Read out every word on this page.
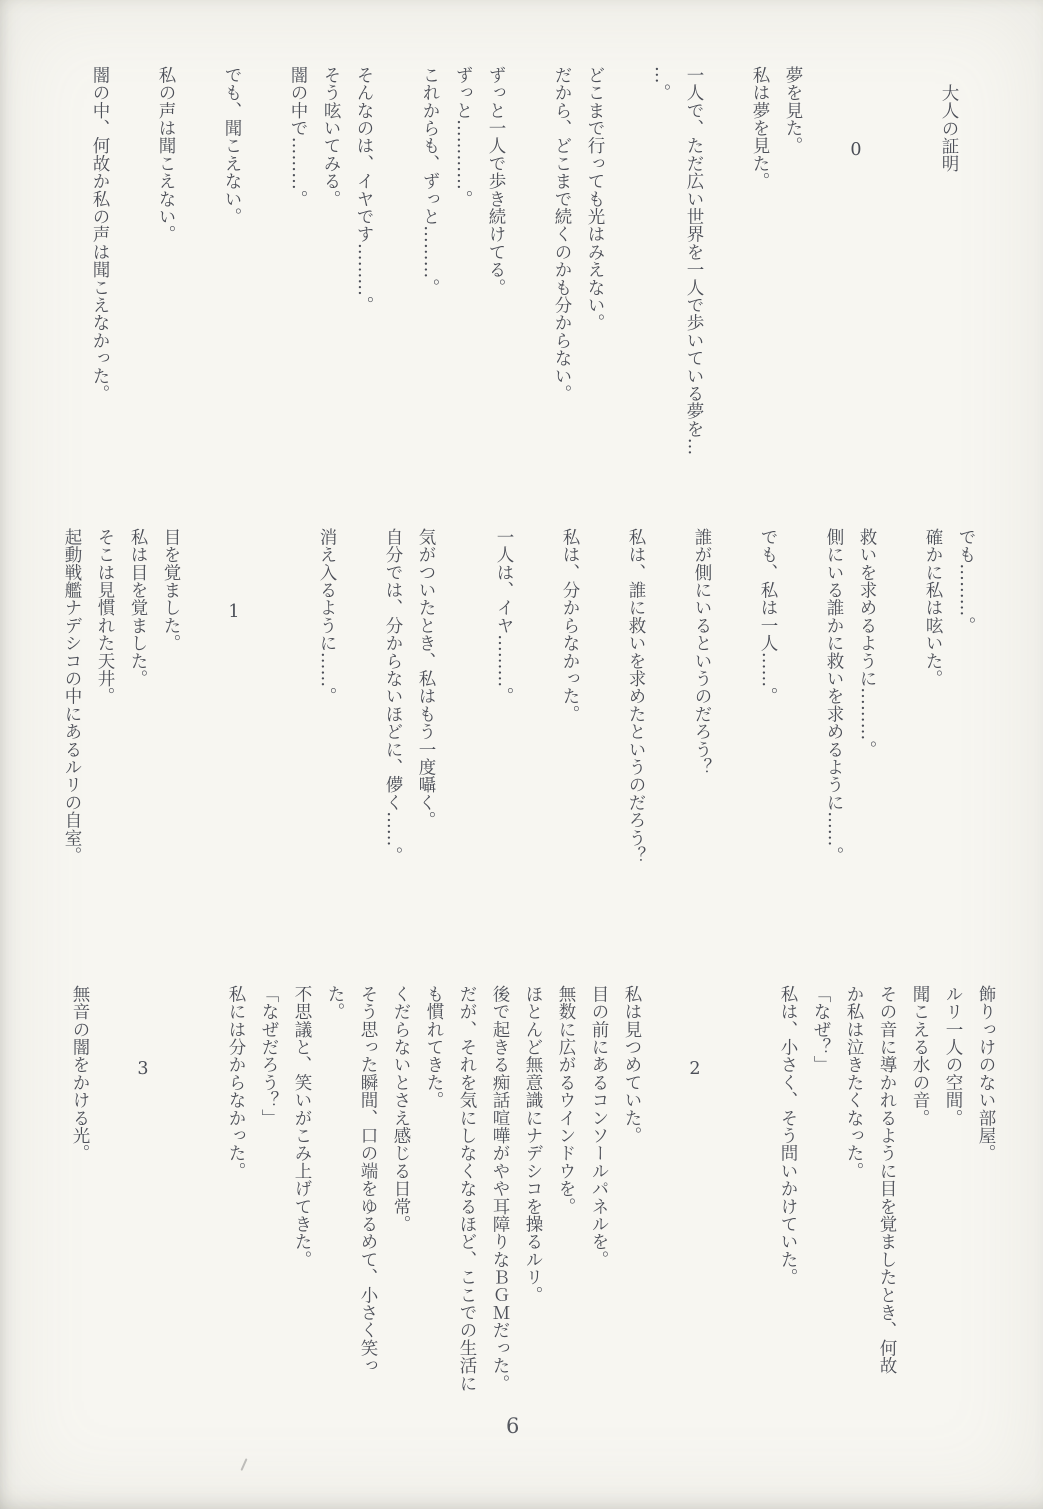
大人の証明

0

夢を見た。

私は夢を見た。

一人で、ただ広い世界を一人で歩いている夢を…

…。

どこまで行っても光はみえない。

だから、どこまで続くのかも分からない。

ずっと一人で歩き続けてる。

ずっと…………。

これからも、ずっと………。

そんなのは、イヤです………。

そう呟いてみる。

闇の中で………。

でも、聞こえない。

私の声は聞こえない。

闇の中、何故か私の声は聞こえなかった。

でも………。

確かに私は呟いた。

救いを求めるように………。

側にいる誰かに救いを求めるように……。

でも、私は一人……。

誰が側にいるというのだろう？

私は、誰に救いを求めたというのだろう？

私は、分からなかった。

一人は、イヤ………。

気がついたとき、私はもう一度囁く。

自分では、分からないほどに、儚く……。

消え入るように……。

1

目を覚ました。

私は目を覚ました。

そこは見慣れた天井。

起動戦艦ナデシコの中にあるルリの自室。

飾りっけのない部屋。

ルリ一人の空間。

聞こえる水の音。

その音に導かれるように目を覚ましたとき、何故

か私は泣きたくなった。

「なぜ？」

私は、小さく、そう問いかけていた。

2

私は見つめていた。

目の前にあるコンソールパネルを。

無数に広がるウインドウを。

ほとんど無意識にナデシコを操るルリ。

後で起きる痴話喧嘩がやや耳障りなＢＧＭだった。

だが、それを気にしなくなるほど、ここでの生活に

も慣れてきた。

くだらないとさえ感じる日常。

そう思った瞬間、口の端をゆるめて、小さく笑っ

た。

不思議と、笑いがこみ上げてきた。

「なぜだろう？」

私には分からなかった。

3

無音の闇をかける光。

6
